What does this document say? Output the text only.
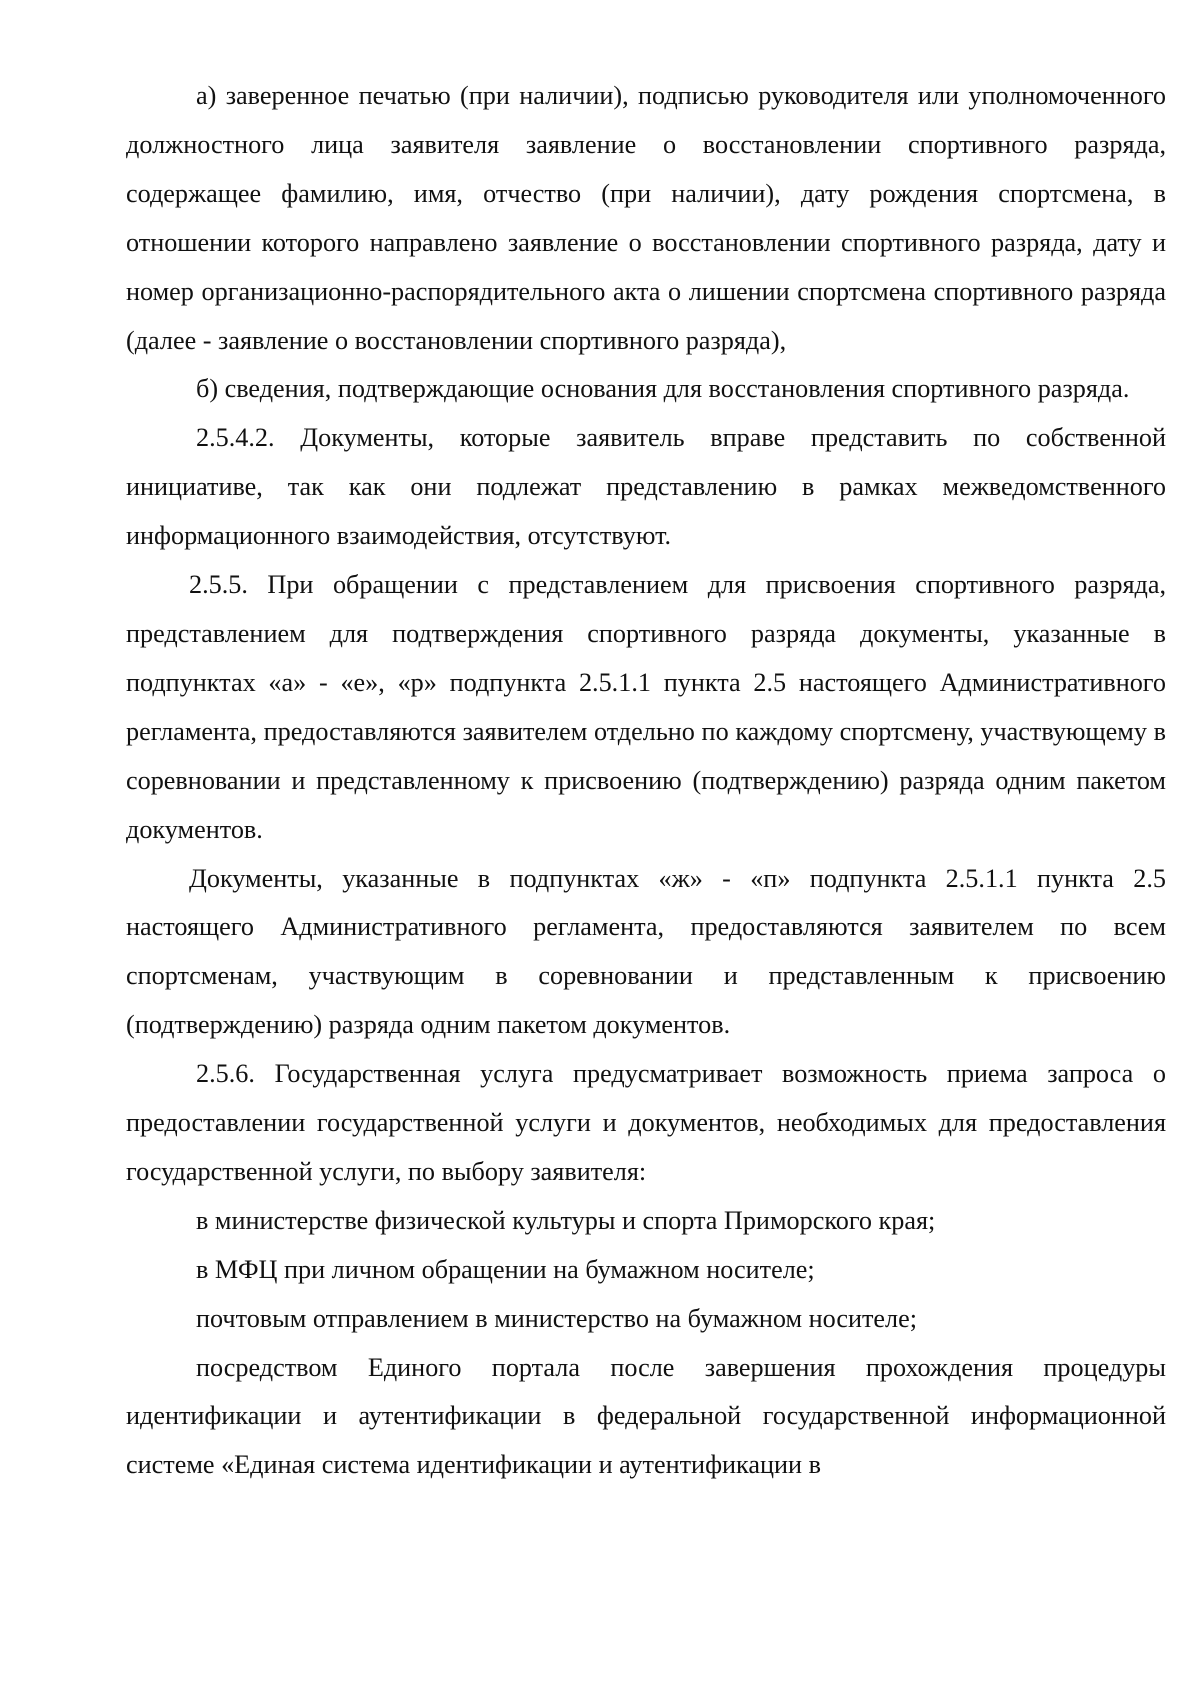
а) заверенное печатью (при наличии), подписью руководителя или уполномоченного должностного лица заявителя заявление о восстановлении спортивного разряда, содержащее фамилию, имя, отчество (при наличии), дату рождения спортсмена, в отношении которого направлено заявление о восстановлении спортивного разряда, дату и номер организационно-распорядительного акта о лишении спортсмена спортивного разряда (далее - заявление о восстановлении спортивного разряда),

б) сведения, подтверждающие основания для восстановления спортивного разряда.

2.5.4.2. Документы, которые заявитель вправе представить по собственной инициативе, так как они подлежат представлению в рамках межведомственного информационного взаимодействия, отсутствуют.

2.5.5. При обращении с представлением для присвоения спортивного разряда, представлением для подтверждения спортивного разряда документы, указанные в подпунктах «а» - «е», «р» подпункта 2.5.1.1 пункта 2.5 настоящего Административного регламента, предоставляются заявителем отдельно по каждому спортсмену, участвующему в соревновании и представленному к присвоению (подтверждению) разряда одним пакетом документов.

Документы, указанные в подпунктах «ж» - «п» подпункта 2.5.1.1 пункта 2.5 настоящего Административного регламента, предоставляются заявителем по всем спортсменам, участвующим в соревновании и представленным к присвоению (подтверждению) разряда одним пакетом документов.

2.5.6. Государственная услуга предусматривает возможность приема запроса о предоставлении государственной услуги и документов, необходимых для предоставления государственной услуги, по выбору заявителя:

в министерстве физической культуры и спорта Приморского края;

в МФЦ при личном обращении на бумажном носителе;

почтовым отправлением в министерство на бумажном носителе;

посредством Единого портала после завершения прохождения процедуры идентификации и аутентификации в федеральной государственной информационной системе «Единая система идентификации и аутентификации в
